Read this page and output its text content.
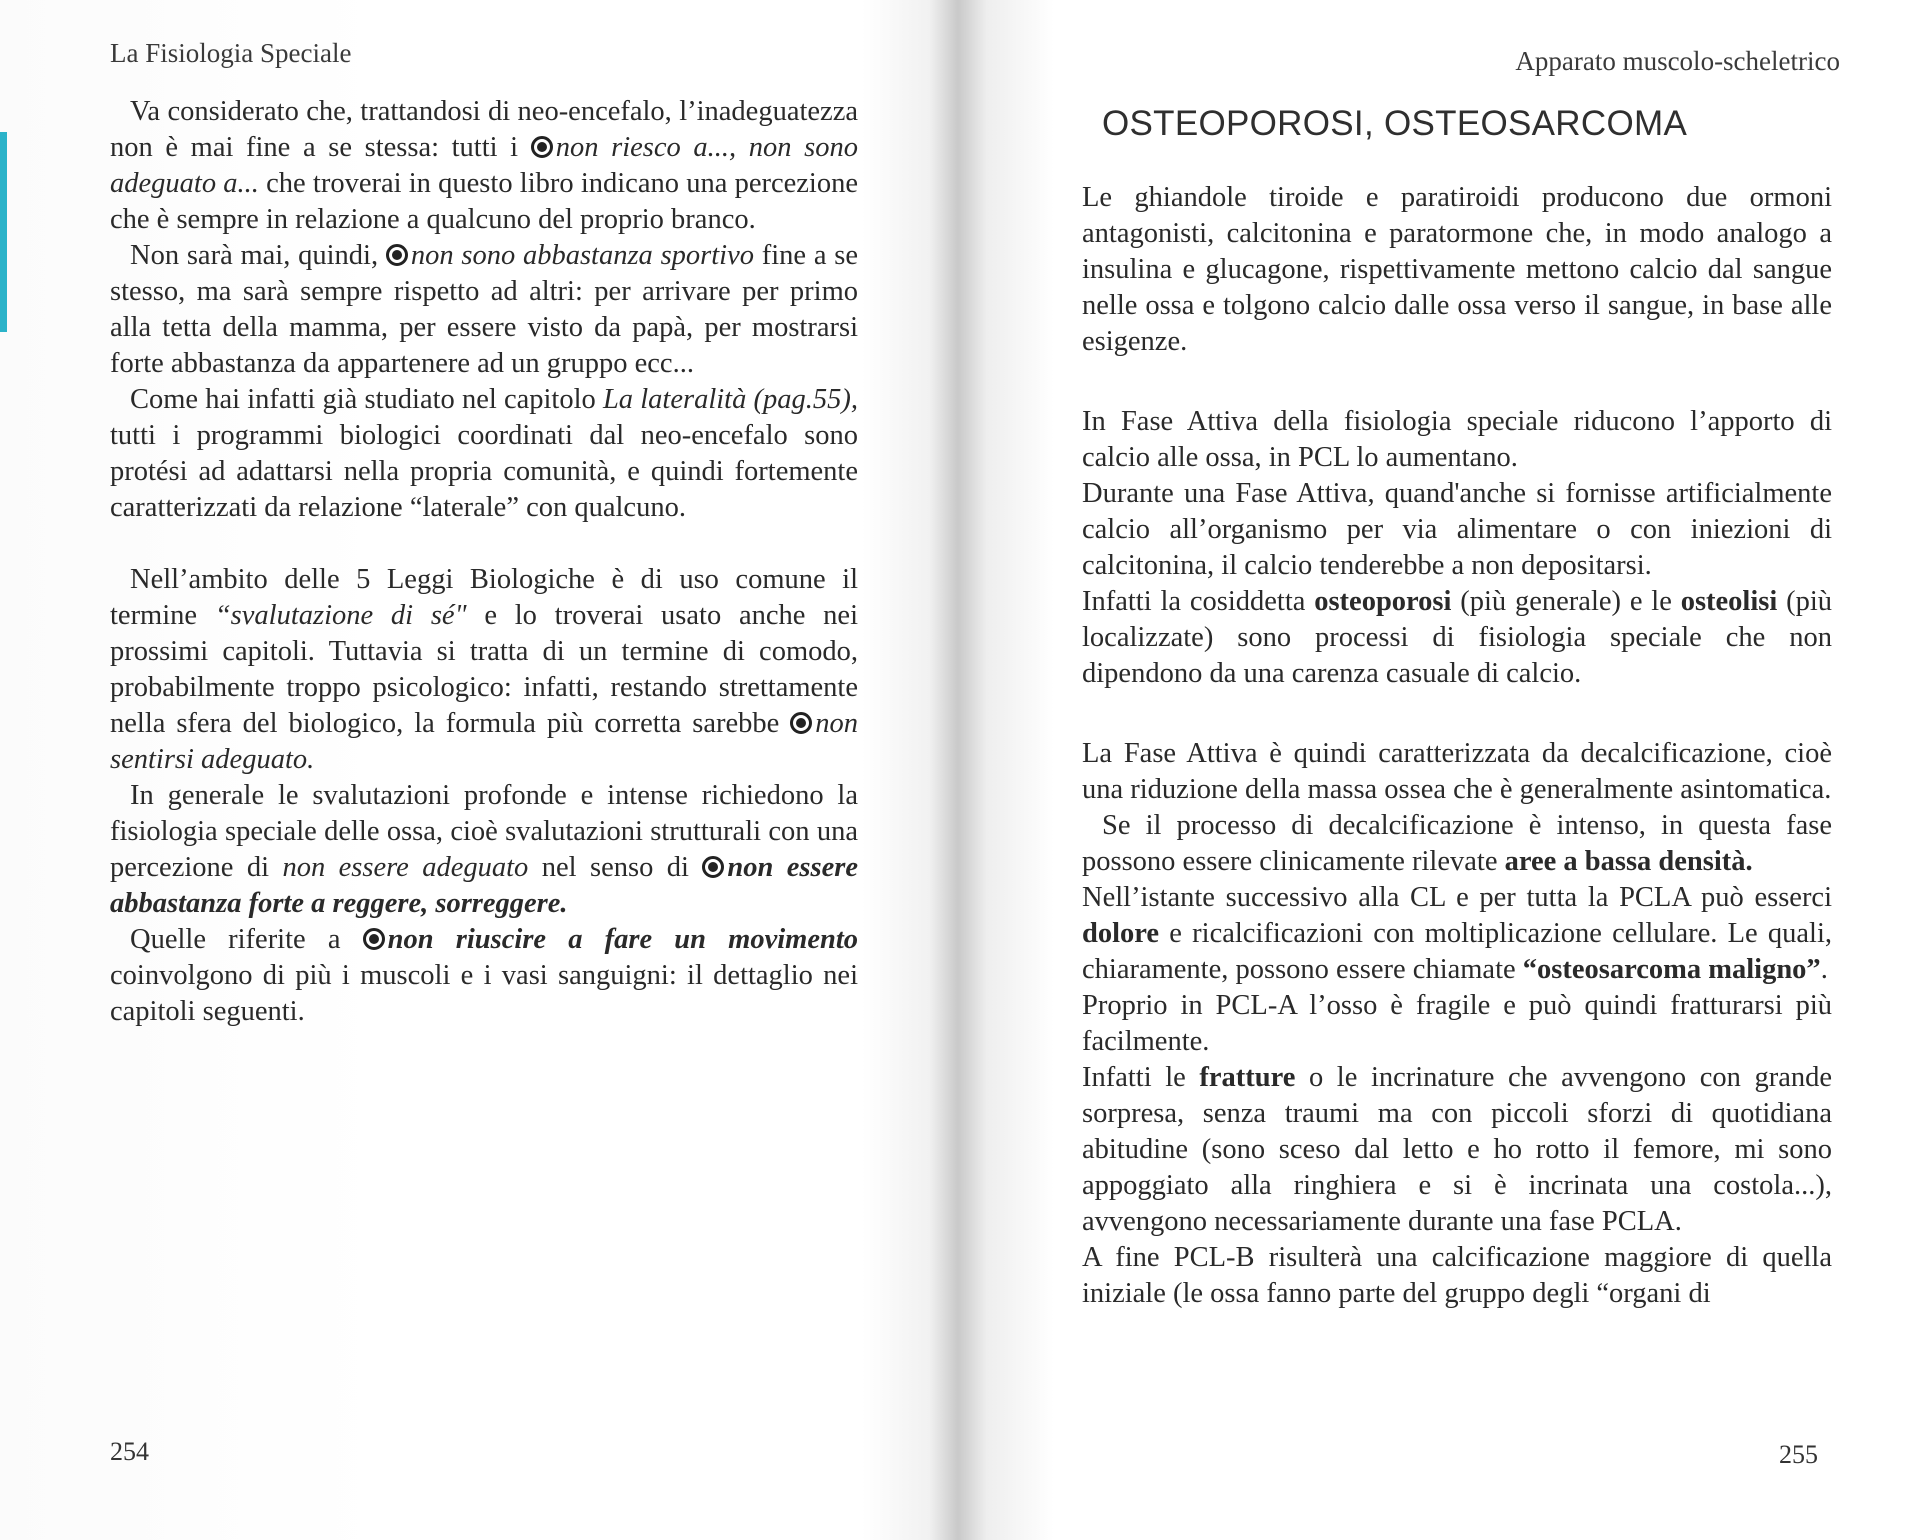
La Fisiologia Speciale

Va considerato che, trattandosi di neo-encefalo, l’inadeguatezza non è mai fine a se stessa: tutti i non riesco a..., non sono adeguato a... che troverai in questo libro indicano una percezione che è sempre in relazione a qualcuno del proprio branco.

Non sarà mai, quindi, non sono abbastanza sportivo fine a se stesso, ma sarà sempre rispetto ad altri: per arrivare per primo alla tetta della mamma, per essere visto da papà, per mostrarsi forte abbastanza da appartenere ad un gruppo ecc...

Come hai infatti già studiato nel capitolo La lateralità (pag.55), tutti i programmi biologici coordinati dal neo-encefalo sono protési ad adattarsi nella propria comunità, e quindi fortemente caratterizzati da relazione “laterale” con qualcuno.

Nell’ambito delle 5 Leggi Biologiche è di uso comune il termine “svalutazione di sé" e lo troverai usato anche nei prossimi capitoli. Tuttavia si tratta di un termine di comodo, probabilmente troppo psicologico: infatti, restando strettamente nella sfera del biologico, la formula più corretta sarebbe non sentirsi adeguato.

In generale le svalutazioni profonde e intense richiedono la fisiologia speciale delle ossa, cioè svalutazioni strutturali con una percezione di non essere adeguato nel senso di non essere abbastanza forte a reggere, sorreggere.

Quelle riferite a non riuscire a fare un movimento coinvolgono di più i muscoli e i vasi sanguigni: il dettaglio nei capitoli seguenti.

254
Apparato muscolo-scheletrico
OSTEOPOROSI, OSTEOSARCOMA

Le ghiandole tiroide e paratiroidi producono due ormoni antagonisti, calcitonina e paratormone che, in modo analogo a insulina e glucagone, rispettivamente mettono calcio dal sangue nelle ossa e tolgono calcio dalle ossa verso il sangue, in base alle esigenze.

In Fase Attiva della fisiologia speciale riducono l’apporto di calcio alle ossa, in PCL lo aumentano.

Durante una Fase Attiva, quand'anche si fornisse artificialmente calcio all’organismo per via alimentare o con iniezioni di calcitonina, il calcio tenderebbe a non depositarsi.

Infatti la cosiddetta osteoporosi (più generale) e le osteolisi (più localizzate) sono processi di fisiologia speciale che non dipendono da una carenza casuale di calcio.

La Fase Attiva è quindi caratterizzata da decalcificazione, cioè una riduzione della massa ossea che è generalmente asintomatica.

Se il processo di decalcificazione è intenso, in questa fase possono essere clinicamente rilevate aree a bassa densità.

Nell’istante successivo alla CL e per tutta la PCLA può esserci dolore e ricalcificazioni con moltiplicazione cellulare. Le quali, chiaramente, possono essere chiamate “osteosarcoma maligno”.

Proprio in PCL-A l’osso è fragile e può quindi fratturarsi più facilmente.

Infatti le fratture o le incrinature che avvengono con grande sorpresa, senza traumi ma con piccoli sforzi di quotidiana abitudine (sono sceso dal letto e ho rotto il femore, mi sono appoggiato alla ringhiera e si è incrinata una costola...), avvengono necessariamente durante una fase PCLA.

A fine PCL-B risulterà una calcificazione maggiore di quella iniziale (le ossa fanno parte del gruppo degli “organi di

255
